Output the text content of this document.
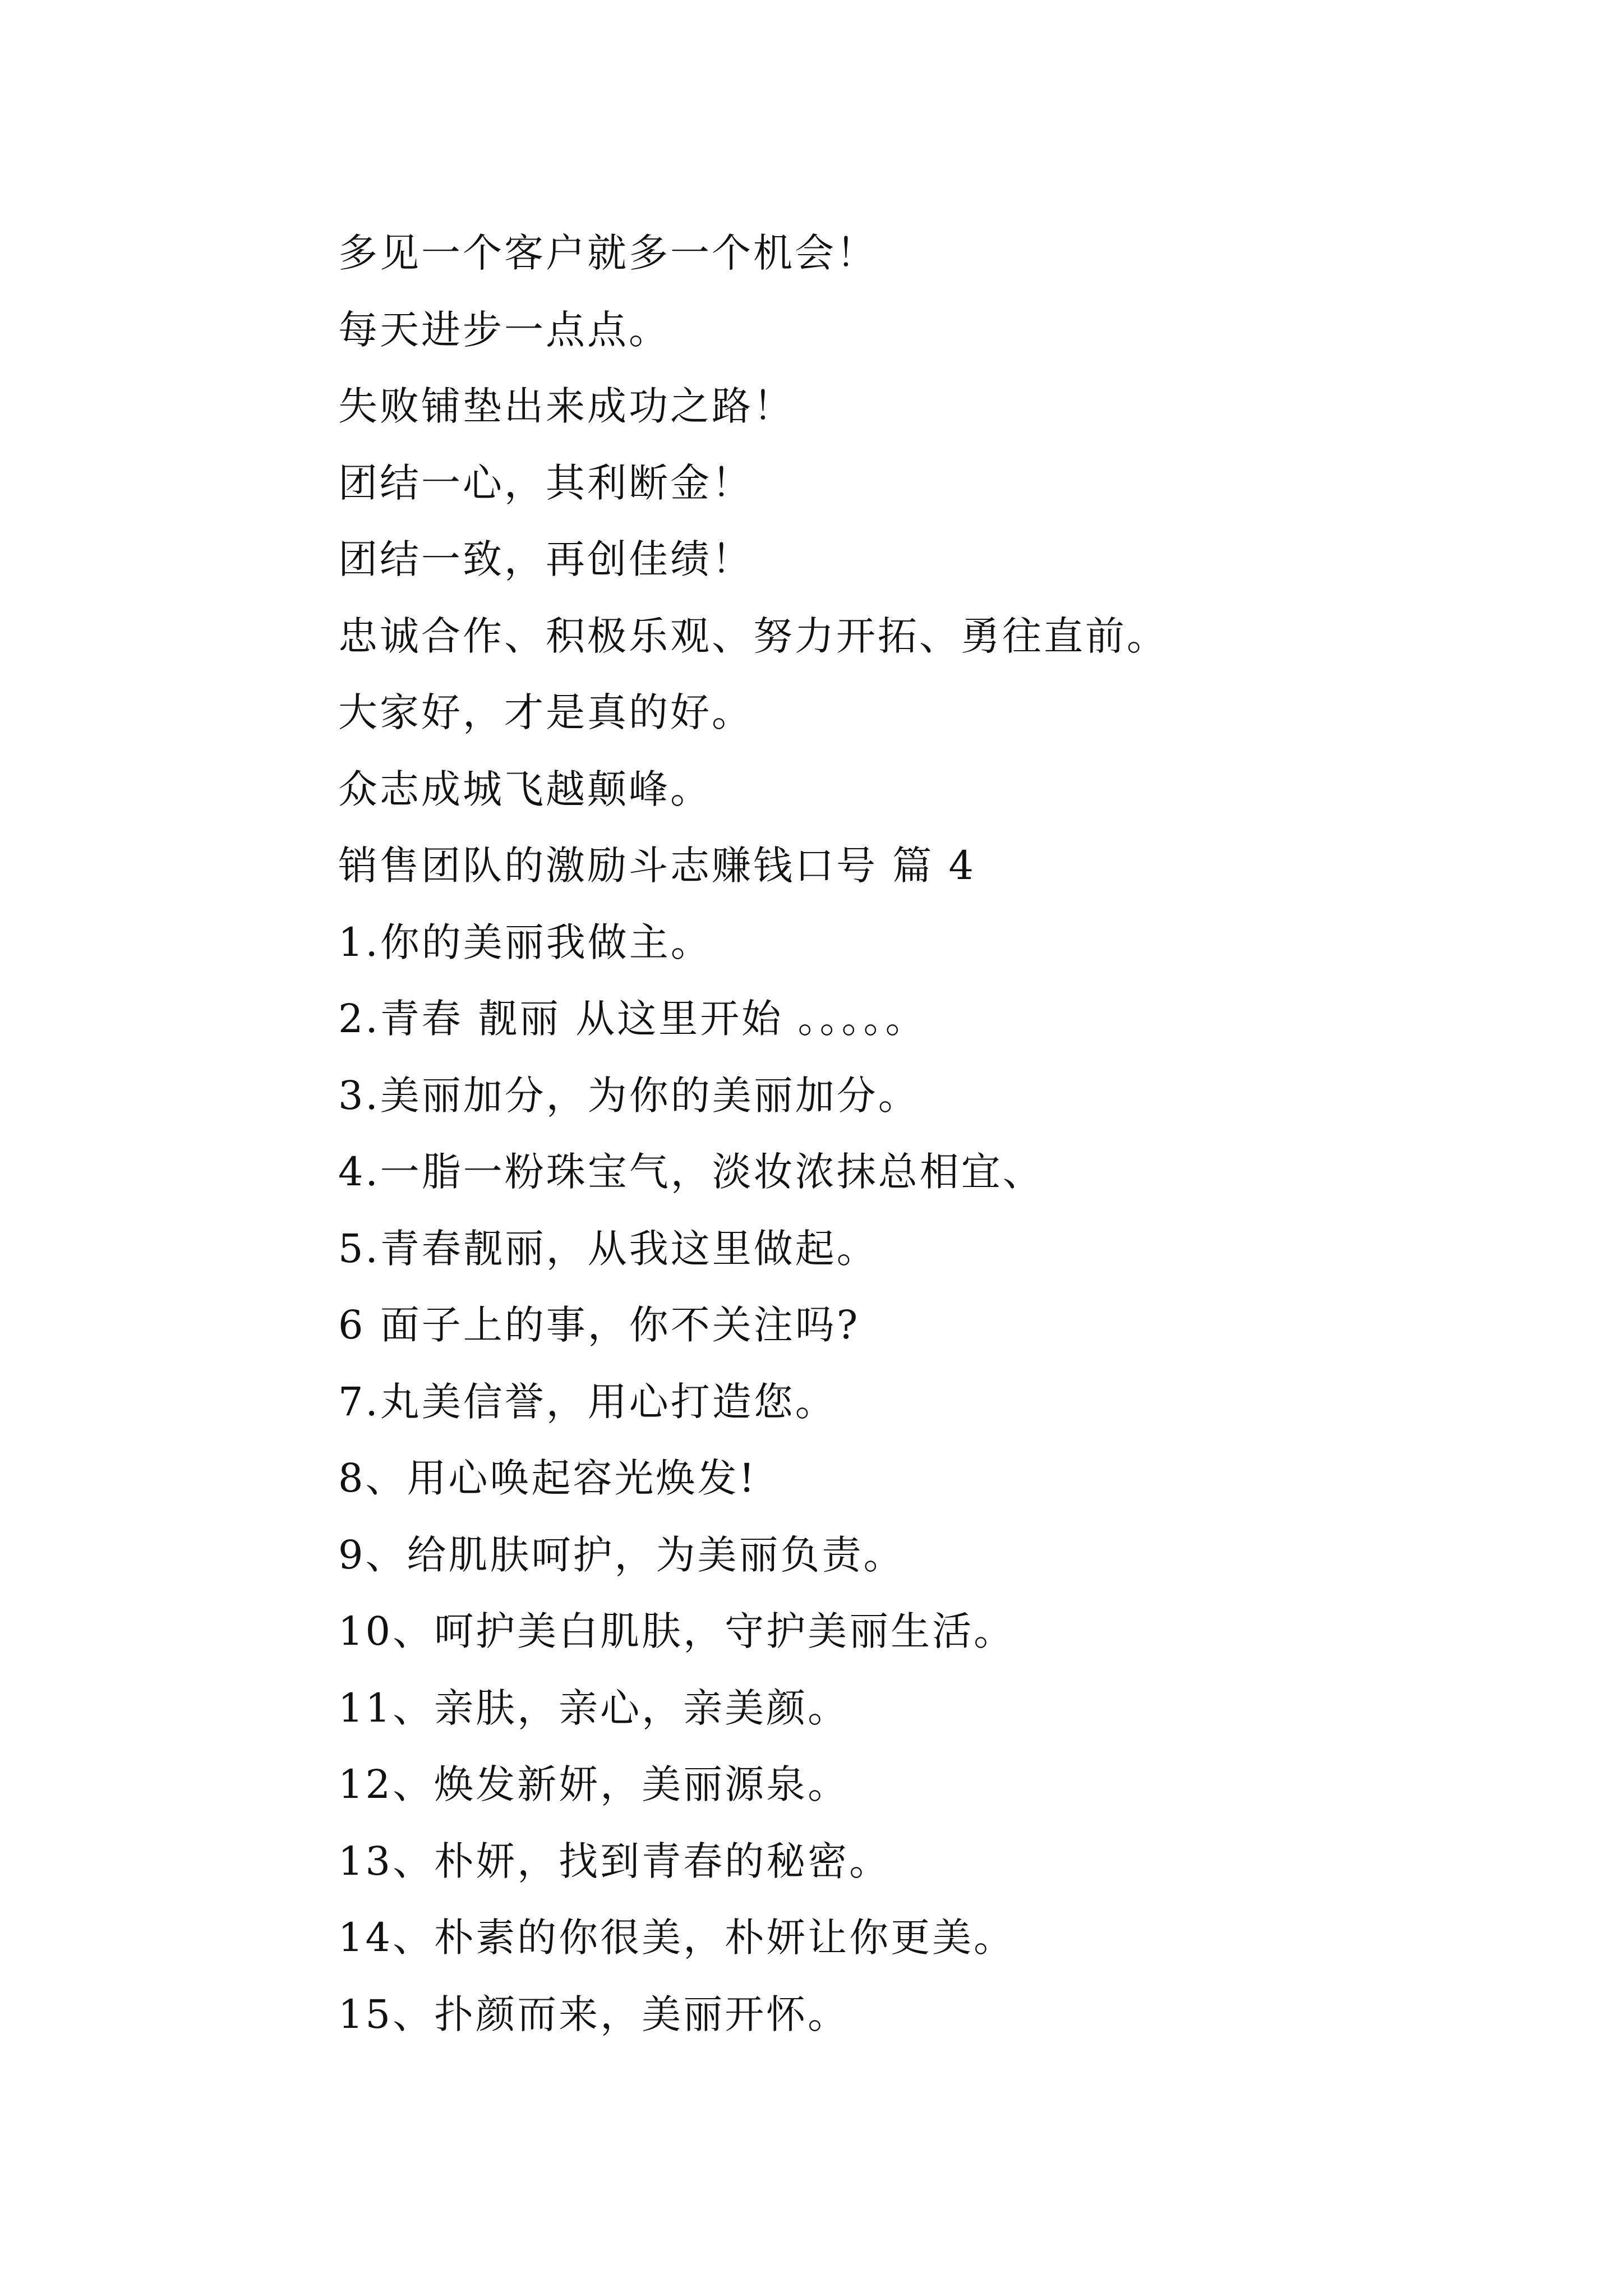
多见一个客户就多一个机会！
每天进步一点点。
失败铺垫出来成功之路！
团结一心，其利断金！
团结一致，再创佳绩！
忠诚合作、积极乐观、努力开拓、勇往直前。
大家好，才是真的好。
众志成城飞越颠峰。
销售团队的激励斗志赚钱口号 篇 4
1.你的美丽我做主。
2.青春 靓丽 从这里开始 。。。。。
3.美丽加分，为你的美丽加分。
4.一脂一粉珠宝气，淡妆浓抹总相宜、
5.青春靓丽，从我这里做起。
6 面子上的事，你不关注吗?
7.丸美信誉，用心打造您。
8、用心唤起容光焕发!
9、给肌肤呵护，为美丽负责。
10、呵护美白肌肤，守护美丽生活。
11、亲肤，亲心，亲美颜。
12、焕发新妍，美丽源泉。
13、朴妍，找到青春的秘密。
14、朴素的你很美，朴妍让你更美。
15、扑颜而来，美丽开怀。
